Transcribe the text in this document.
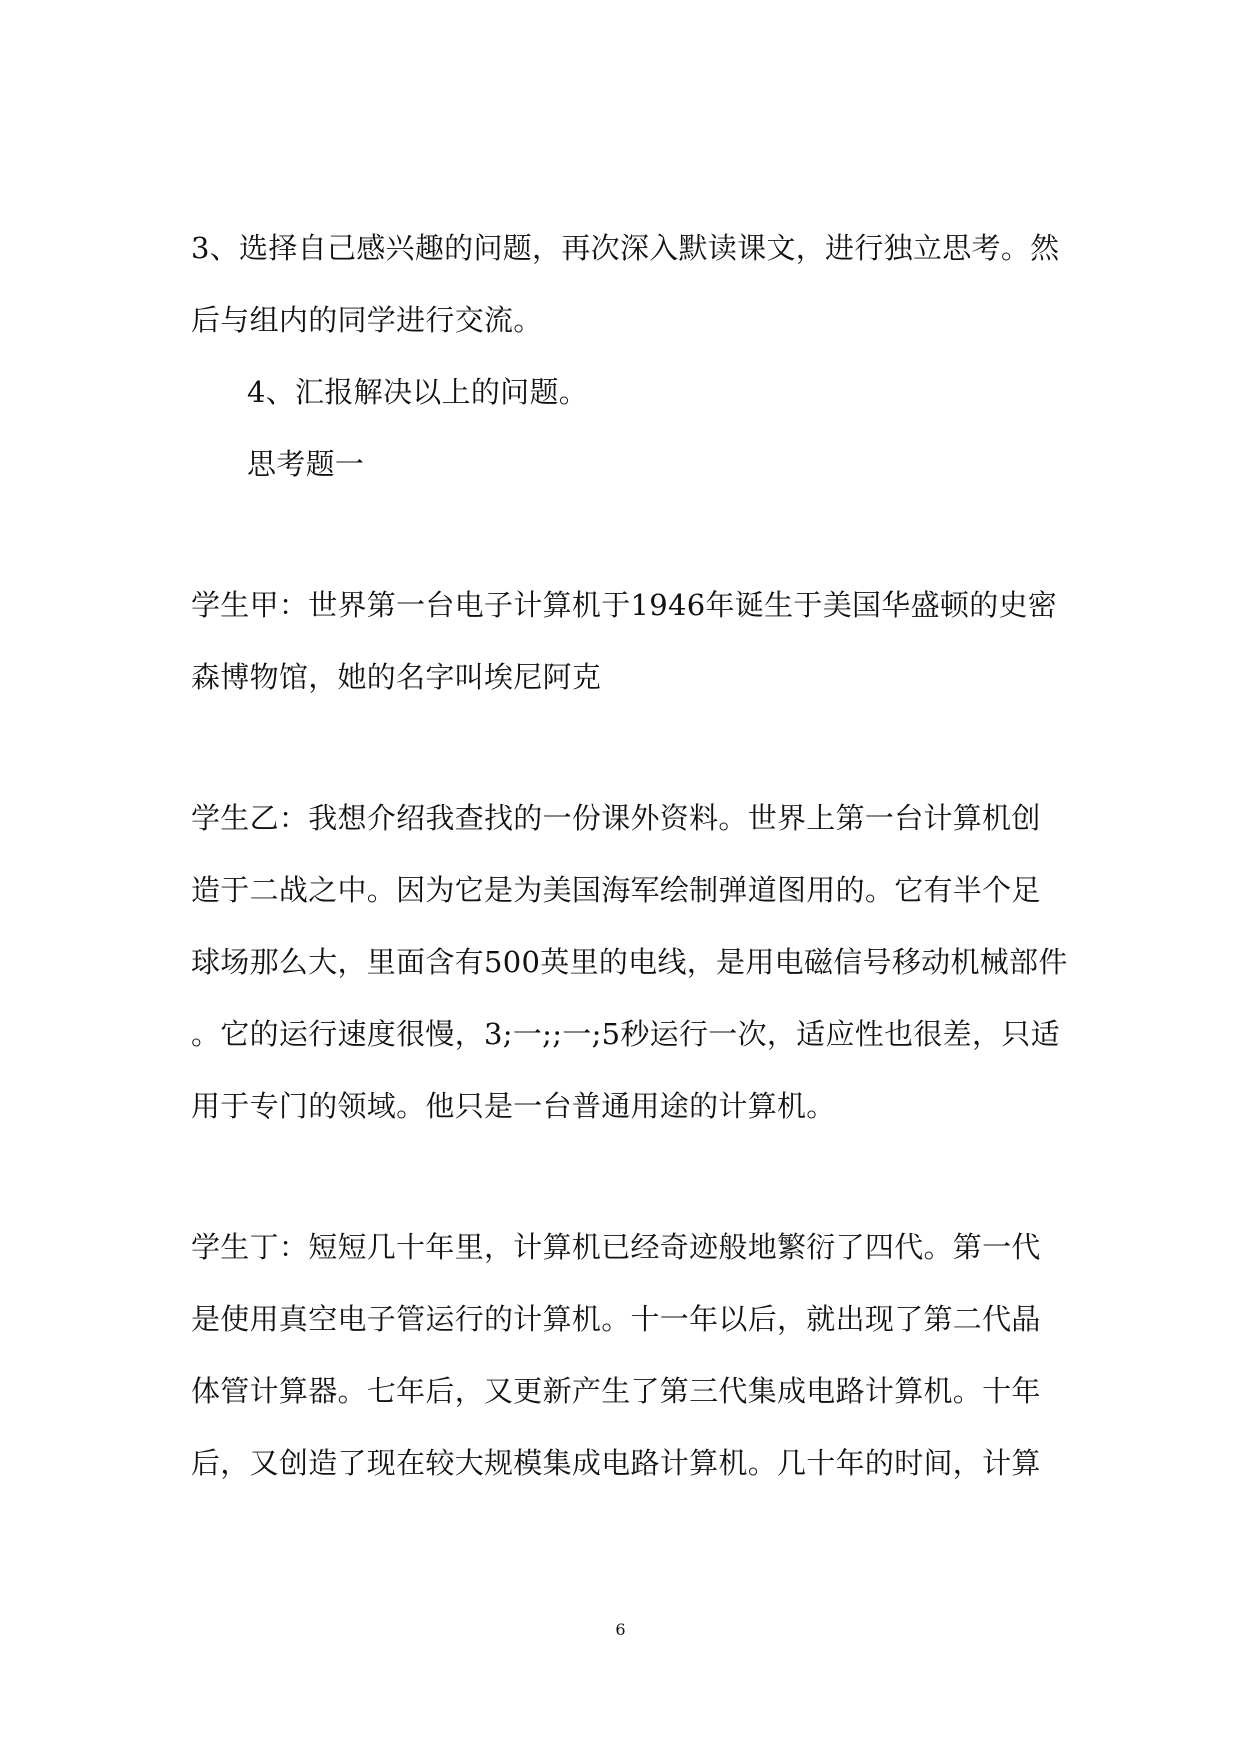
3、选择自己感兴趣的问题，再次深入默读课文，进行独立思考。然
后与组内的同学进行交流。
4、汇报解决以上的问题。
思考题一
学生甲：世界第一台电子计算机于1946年诞生于美国华盛顿的史密
森博物馆，她的名字叫埃尼阿克
学生乙：我想介绍我查找的一份课外资料。世界上第一台计算机创
造于二战之中。因为它是为美国海军绘制弹道图用的。它有半个足
球场那么大，里面含有500英里的电线，是用电磁信号移动机械部件
。它的运行速度很慢，3;一;;一;5秒运行一次，适应性也很差，只适
用于专门的领域。他只是一台普通用途的计算机。
学生丁：短短几十年里，计算机已经奇迹般地繁衍了四代。第一代
是使用真空电子管运行的计算机。十一年以后，就出现了第二代晶
体管计算器。七年后，又更新产生了第三代集成电路计算机。十年
后，又创造了现在较大规模集成电路计算机。几十年的时间，计算
6
